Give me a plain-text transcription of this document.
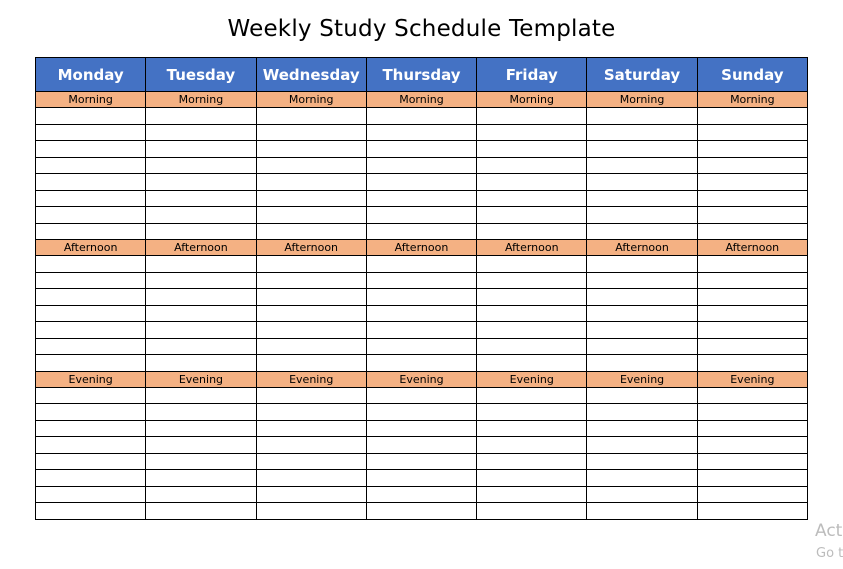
Weekly Study Schedule Template
Monday	Tuesday	Wednesday	Thursday	Friday	Saturday	Sunday
Morning	Morning	Morning	Morning	Morning	Morning	Morning

Afternoon	Afternoon	Afternoon	Afternoon	Afternoon	Afternoon	Afternoon

Evening	Evening	Evening	Evening	Evening	Evening	Evening

Act
Go t
